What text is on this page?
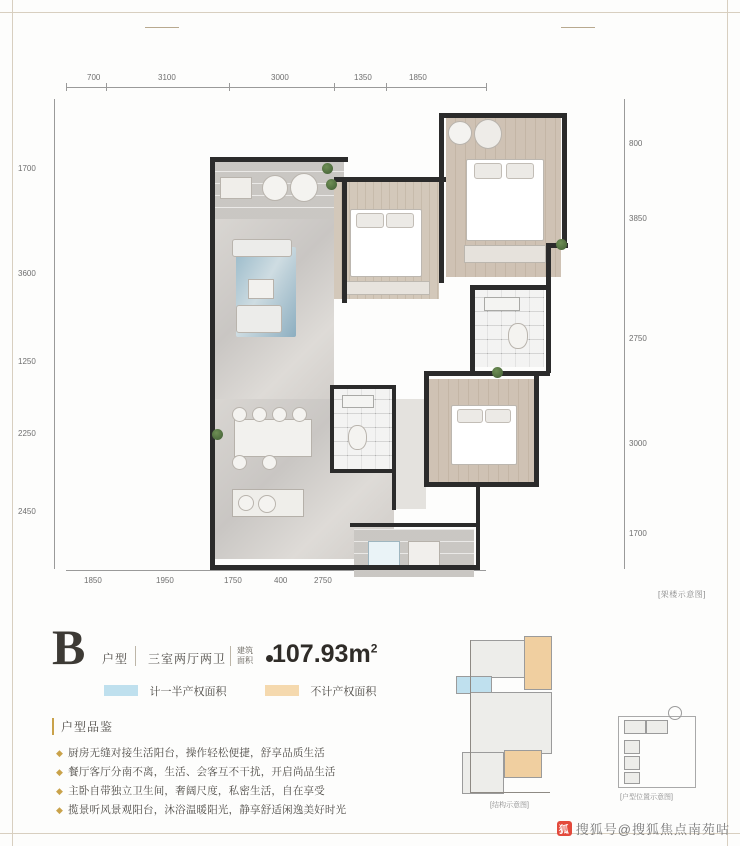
700	3100	3000	1350	1850
1850	1950	1750	400	2750
1700
3600
1250
2250
2450
800
3850
2750
3000
1700
[架楼示意图]
B 户型 三室两厅两卫
建筑
面积 $107.93m^2$
计一半产权面积	不计产权面积
户型品鉴
◆ 厨房无缝对接生活阳台，操作轻松便捷，舒享品质生活
◆ 餐厅客厅分南不离，生活、会客互不干扰，开启尚品生活
◆ 主卧自带独立卫生间，奢阔尺度，私密生活，自在享受
◆ 揽景听风景观阳台，沐浴温暖阳光，静享舒适闲逸美好时光	[结构示意图]
[户型位置示意图]
狐 搜狐号@搜狐焦点南苑咕
